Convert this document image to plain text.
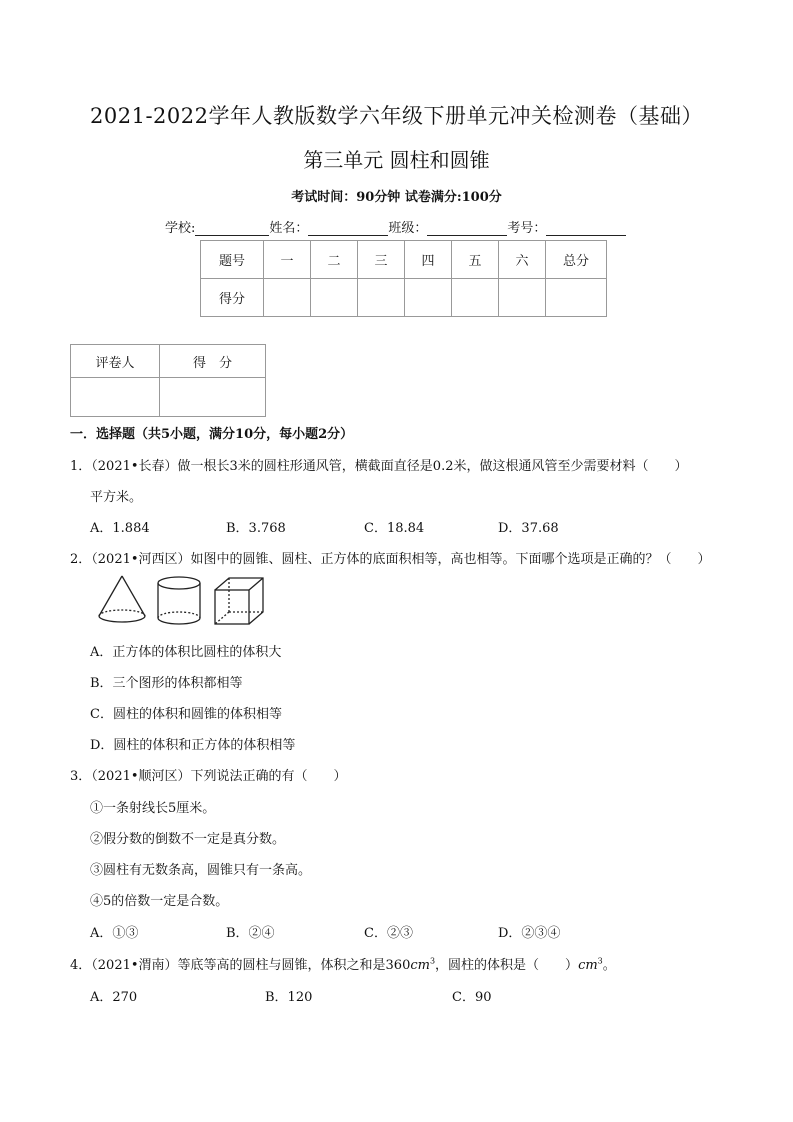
2021-2022学年人教版数学六年级下册单元冲关检测卷（基础）
第三单元 圆柱和圆锥
考试时间：90分钟 试卷满分:100分
学校:	姓名：	班级：	考号：
题号	一	二	三	四	五	六	总分
得分							
评卷人	得　分

一．选择题（共5小题，满分10分，每小题2分）
1．（2021•长春）做一根长3米的圆柱形通风管，横截面直径是0.2米，做这根通风管至少需要材料（　　）
平方米。
A．1.884	B．3.768	C．18.84	D．37.68
2．（2021•河西区）如图中的圆锥、圆柱、正方体的底面积相等，高也相等。下面哪个选项是正确的？（　　）
A．正方体的体积比圆柱的体积大
B．三个图形的体积都相等
C．圆柱的体积和圆锥的体积相等
D．圆柱的体积和正方体的体积相等
3．（2021•顺河区）下列说法正确的有（　　）
①一条射线长5厘米。
②假分数的倒数不一定是真分数。
③圆柱有无数条高，圆锥只有一条高。
④5的倍数一定是合数。
A．①③	B．②④	C．②③	D．②③④
4．（2021•渭南）等底等高的圆柱与圆锥，体积之和是$360cm^3$，圆柱的体积是（　　）$cm^3$。
A．270	B．120	C．90
